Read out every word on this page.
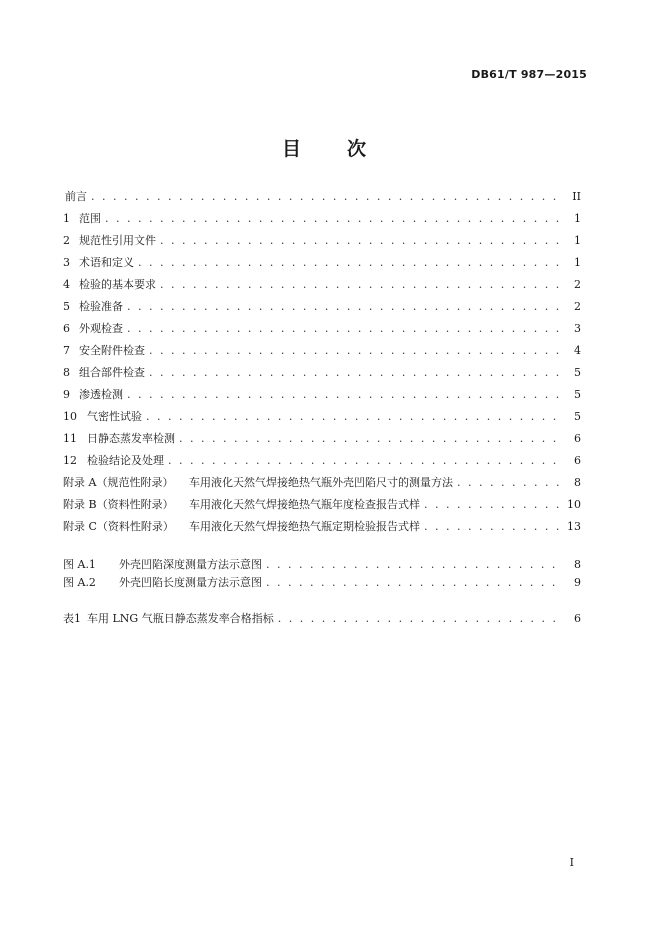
DB61/T 987—2015
目 次
前言 . . .	II
1 范围 . . .	1
2 规范性引用文件 . . .	1
3 术语和定义 . . .	1
4 检验的基本要求 . . .	2
5 检验准备 . . .	2
6 外观检查 . . .	3
7 安全附件检查 . . .	4
8 组合部件检查 . . .	5
9 渗透检测 . . .	5
10 气密性试验 . . .	5
11 日静态蒸发率检测 . . .	6
12 检验结论及处理 . . .	6
附录 A（规范性附录）	车用液化天然气焊接绝热气瓶外壳凹陷尺寸的测量方法 . . .	8
附录 B（资料性附录）	车用液化天然气焊接绝热气瓶年度检查报告式样 . . .	10
附录 C（资料性附录）	车用液化天然气焊接绝热气瓶定期检验报告式样 . . .	13
图 A.1	外壳凹陷深度测量方法示意图 . . .	8
图 A.2	外壳凹陷长度测量方法示意图 . . .	9
表1 车用 LNG 气瓶日静态蒸发率合格指标 . . .	6
I
